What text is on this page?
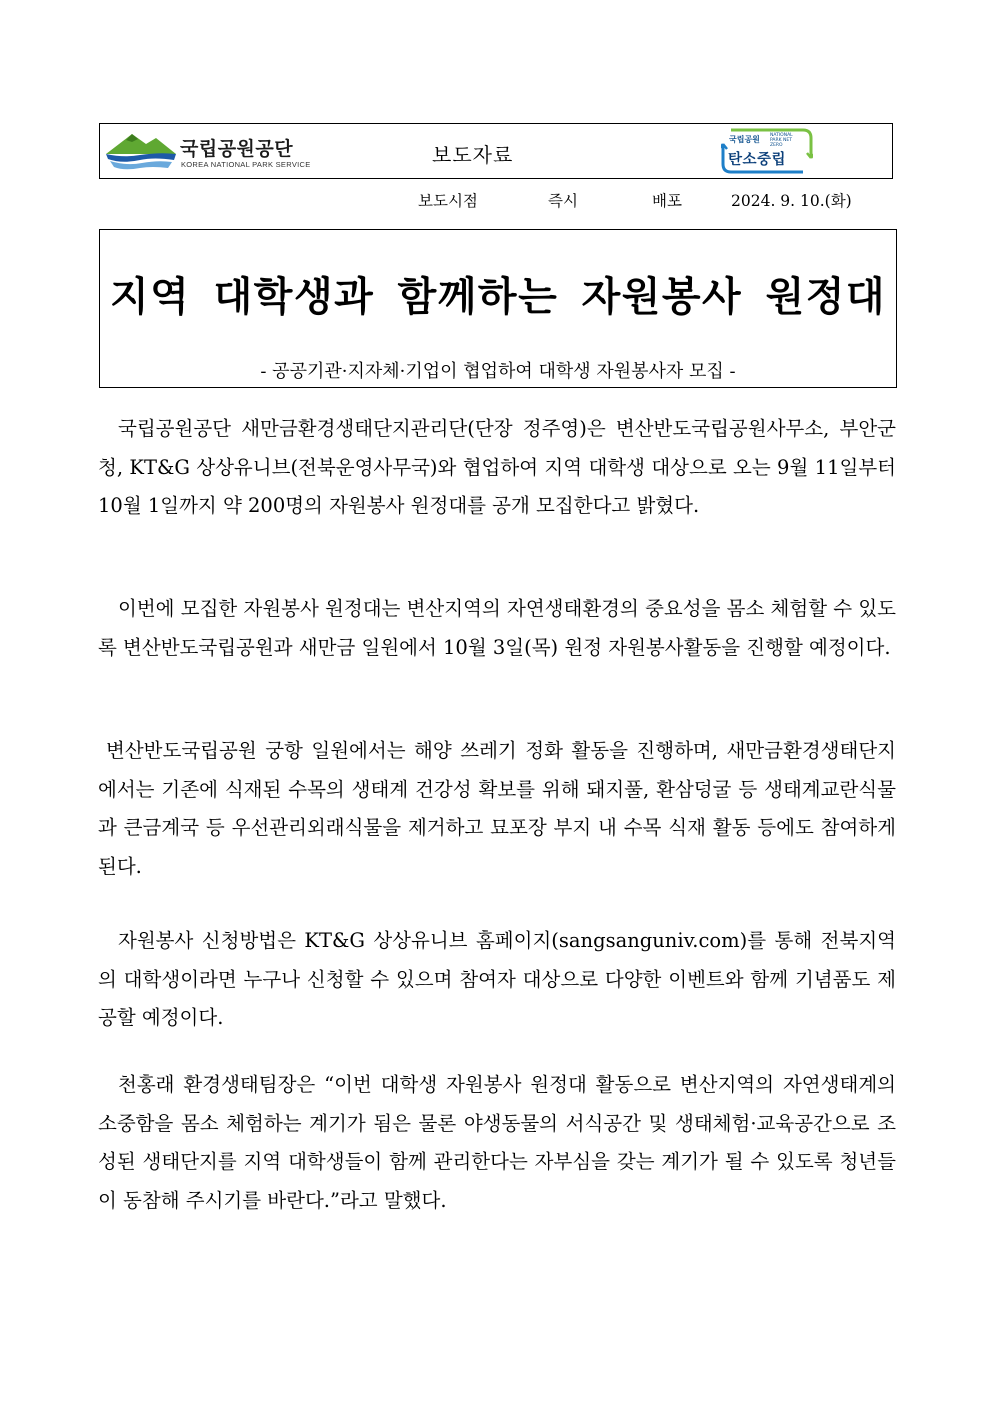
국립공원공단
KOREA NATIONAL PARK SERVICE	보도자료
국립공원 NATIONAL PARK NET ZERO
탄소중립
보도시점	즉시	배포	2024. 9. 10.(화)
지역 대학생과 함께하는 자원봉사 원정대
- 공공기관·지자체·기업이 협업하여 대학생 자원봉사자 모집 -

국립공원공단 새만금환경생태단지관리단(단장 정주영)은 변산반도국립공원사무소, 부안군청, KT&G 상상유니브(전북운영사무국)와 협업하여 지역 대학생 대상으로 오는 9월 11일부터 10월 1일까지 약 200명의 자원봉사 원정대를 공개 모집한다고 밝혔다.

이번에 모집한 자원봉사 원정대는 변산지역의 자연생태환경의 중요성을 몸소 체험할 수 있도록 변산반도국립공원과 새만금 일원에서 10월 3일(목) 원정 자원봉사활동을 진행할 예정이다.

변산반도국립공원 궁항 일원에서는 해양 쓰레기 정화 활동을 진행하며, 새만금환경생태단지에서는 기존에 식재된 수목의 생태계 건강성 확보를 위해 돼지풀, 환삼덩굴 등 생태계교란식물과 큰금계국 등 우선관리외래식물을 제거하고 묘포장 부지 내 수목 식재 활동 등에도 참여하게 된다.

자원봉사 신청방법은 KT&G 상상유니브 홈페이지(sangsanguniv.com)를 통해 전북지역의 대학생이라면 누구나 신청할 수 있으며 참여자 대상으로 다양한 이벤트와 함께 기념품도 제공할 예정이다.

천홍래 환경생태팀장은 “이번 대학생 자원봉사 원정대 활동으로 변산지역의 자연생태계의 소중함을 몸소 체험하는 계기가 됨은 물론 야생동물의 서식공간 및 생태체험·교육공간으로 조성된 생태단지를 지역 대학생들이 함께 관리한다는 자부심을 갖는 계기가 될 수 있도록 청년들이 동참해 주시기를 바란다.”라고 말했다.
